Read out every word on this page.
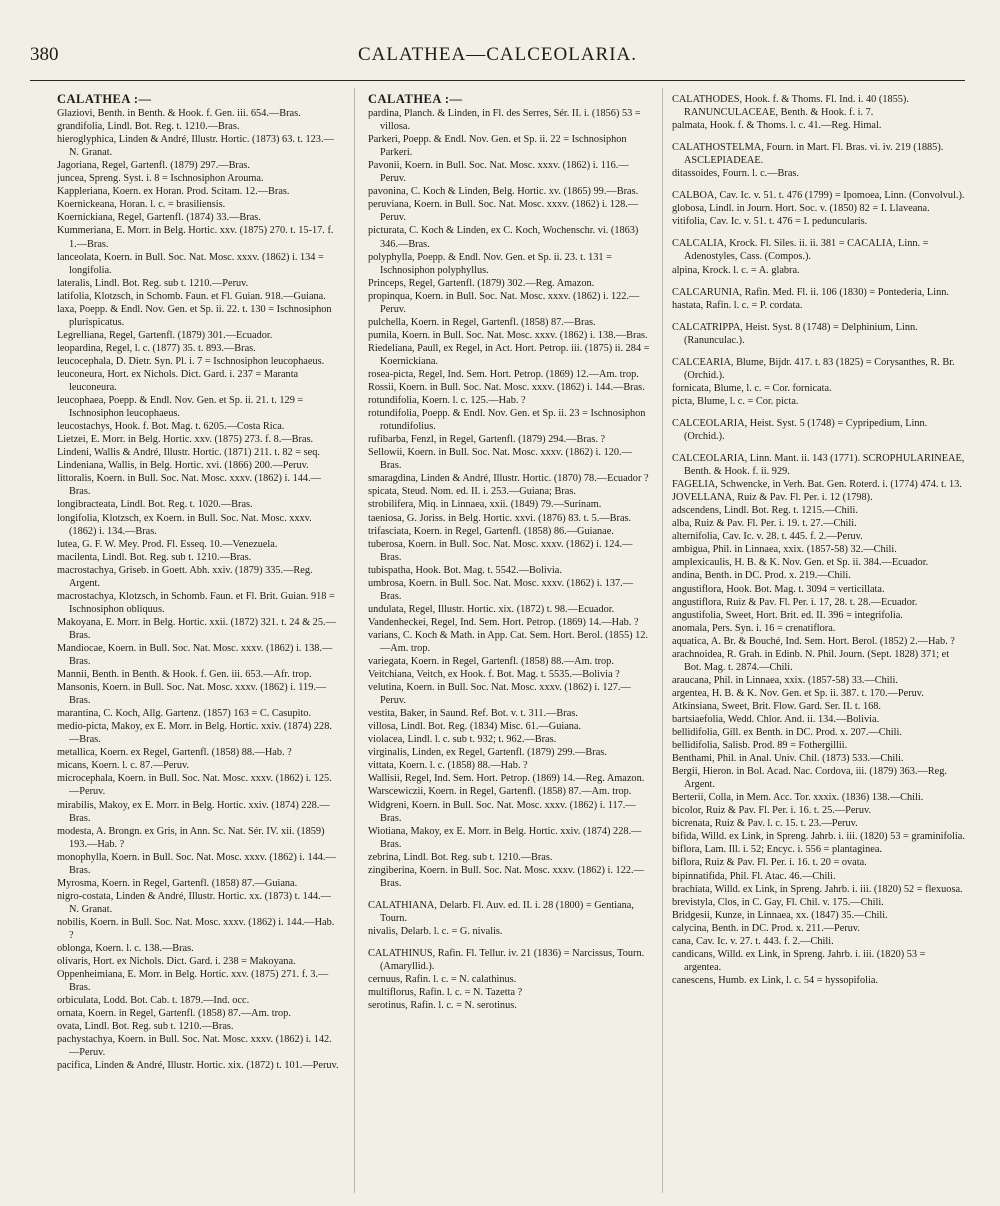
380	CALATHEA—CALCEOLARIA.

CALATHEA :—

Glaziovi, Benth. in Benth. & Hook. f. Gen. iii. 654.—Bras.

grandifolia, Lindl. Bot. Reg. t. 1210.—Bras.

hieroglyphica, Linden & André, Illustr. Hortic. (1873) 63. t. 123.—N. Granat.

Jagoriana, Regel, Gartenfl. (1879) 297.—Bras.

juncea, Spreng. Syst. i. 8 = Ischnosiphon Arouma.

Kappleriana, Koern. ex Horan. Prod. Scitam. 12.—Bras.

Koernickeana, Horan. l. c. = brasiliensis.

Koernickiana, Regel, Gartenfl. (1874) 33.—Bras.

Kummeriana, E. Morr. in Belg. Hortic. xxv. (1875) 270. t. 15-17. f. 1.—Bras.

lanceolata, Koern. in Bull. Soc. Nat. Mosc. xxxv. (1862) i. 134 = longifolia.

lateralis, Lindl. Bot. Reg. sub t. 1210.—Peruv.

latifolia, Klotzsch, in Schomb. Faun. et Fl. Guian. 918.—Guiana.

laxa, Poepp. & Endl. Nov. Gen. et Sp. ii. 22. t. 130 = Ischnosiphon plurispicatus.

Legrelliana, Regel, Gartenfl. (1879) 301.—Ecuador.

leopardina, Regel, l. c. (1877) 35. t. 893.—Bras.

leucocephala, D. Dietr. Syn. Pl. i. 7 = Ischnosiphon leucophaeus.

leuconeura, Hort. ex Nichols. Dict. Gard. i. 237 = Maranta leuconeura.

leucophaea, Poepp. & Endl. Nov. Gen. et Sp. ii. 21. t. 129 = Ischnosiphon leucophaeus.

leucostachys, Hook. f. Bot. Mag. t. 6205.—Costa Rica.

Lietzei, E. Morr. in Belg. Hortic. xxv. (1875) 273. f. 8.—Bras.

Lindeni, Wallis & André, Illustr. Hortic. (1871) 211. t. 82 = seq.

Lindeniana, Wallis, in Belg. Hortic. xvi. (1866) 200.—Peruv.

littoralis, Koern. in Bull. Soc. Nat. Mosc. xxxv. (1862) i. 144.—Bras.

longibracteata, Lindl. Bot. Reg. t. 1020.—Bras.

longifolia, Klotzsch, ex Koern. in Bull. Soc. Nat. Mosc. xxxv. (1862) i. 134.—Bras.

lutea, G. F. W. Mey. Prod. Fl. Esseq. 10.—Venezuela.

macilenta, Lindl. Bot. Reg. sub t. 1210.—Bras.

macrostachya, Griseb. in Goett. Abh. xxiv. (1879) 335.—Reg. Argent.

macrostachya, Klotzsch, in Schomb. Faun. et Fl. Brit. Guian. 918 = Ischnosiphon obliquus.

Makoyana, E. Morr. in Belg. Hortic. xxii. (1872) 321. t. 24 & 25.—Bras.

Mandiocae, Koern. in Bull. Soc. Nat. Mosc. xxxv. (1862) i. 138.—Bras.

Mannii, Benth. in Benth. & Hook. f. Gen. iii. 653.—Afr. trop.

Mansonis, Koern. in Bull. Soc. Nat. Mosc. xxxv. (1862) i. 119.—Bras.

marantina, C. Koch, Allg. Gartenz. (1857) 163 = C. Casupito.

medio-picta, Makoy, ex E. Morr. in Belg. Hortic. xxiv. (1874) 228.—Bras.

metallica, Koern. ex Regel, Gartenfl. (1858) 88.—Hab. ?

micans, Koern. l. c. 87.—Peruv.

microcephala, Koern. in Bull. Soc. Nat. Mosc. xxxv. (1862) i. 125.—Peruv.

mirabilis, Makoy, ex E. Morr. in Belg. Hortic. xxiv. (1874) 228.—Bras.

modesta, A. Brongn. ex Gris, in Ann. Sc. Nat. Sér. IV. xii. (1859) 193.—Hab. ?

monophylla, Koern. in Bull. Soc. Nat. Mosc. xxxv. (1862) i. 144.—Bras.

Myrosma, Koern. in Regel, Gartenfl. (1858) 87.—Guiana.

nigro-costata, Linden & André, Illustr. Hortic. xx. (1873) t. 144.—N. Granat.

nobilis, Koern. in Bull. Soc. Nat. Mosc. xxxv. (1862) i. 144.—Hab. ?

oblonga, Koern. l. c. 138.—Bras.

olivaris, Hort. ex Nichols. Dict. Gard. i. 238 = Makoyana.

Oppenheimiana, E. Morr. in Belg. Hortic. xxv. (1875) 271. f. 3.—Bras.

orbiculata, Lodd. Bot. Cab. t. 1879.—Ind. occ.

ornata, Koern. in Regel, Gartenfl. (1858) 87.—Am. trop.

ovata, Lindl. Bot. Reg. sub t. 1210.—Bras.

pachystachya, Koern. in Bull. Soc. Nat. Mosc. xxxv. (1862) i. 142.—Peruv.

pacifica, Linden & André, Illustr. Hortic. xix. (1872) t. 101.—Peruv.

CALATHEA :—

pardina, Planch. & Linden, in Fl. des Serres, Sér. II. i. (1856) 53 = villosa.

Parkeri, Poepp. & Endl. Nov. Gen. et Sp. ii. 22 = Ischnosiphon Parkeri.

Pavonii, Koern. in Bull. Soc. Nat. Mosc. xxxv. (1862) i. 116.—Peruv.

pavonina, C. Koch & Linden, Belg. Hortic. xv. (1865) 99.—Bras.

peruviana, Koern. in Bull. Soc. Nat. Mosc. xxxv. (1862) i. 128.—Peruv.

picturata, C. Koch & Linden, ex C. Koch, Wochenschr. vi. (1863) 346.—Bras.

polyphylla, Poepp. & Endl. Nov. Gen. et Sp. ii. 23. t. 131 = Ischnosiphon polyphyllus.

Princeps, Regel, Gartenfl. (1879) 302.—Reg. Amazon.

propinqua, Koern. in Bull. Soc. Nat. Mosc. xxxv. (1862) i. 122.—Peruv.

pulchella, Koern. in Regel, Gartenfl. (1858) 87.—Bras.

pumila, Koern. in Bull. Soc. Nat. Mosc. xxxv. (1862) i. 138.—Bras.

Riedeliana, Paull, ex Regel, in Act. Hort. Petrop. iii. (1875) ii. 284 = Koernickiana.

rosea-picta, Regel, Ind. Sem. Hort. Petrop. (1869) 12.—Am. trop.

Rossii, Koern. in Bull. Soc. Nat. Mosc. xxxv. (1862) i. 144.—Bras.

rotundifolia, Koern. l. c. 125.—Hab. ?

rotundifolia, Poepp. & Endl. Nov. Gen. et Sp. ii. 23 = Ischnosiphon rotundifolius.

rufibarba, Fenzl, in Regel, Gartenfl. (1879) 294.—Bras. ?

Sellowii, Koern. in Bull. Soc. Nat. Mosc. xxxv. (1862) i. 120.—Bras.

smaragdina, Linden & André, Illustr. Hortic. (1870) 78.—Ecuador ?

spicata, Steud. Nom. ed. II. i. 253.—Guiana; Bras.

strobilifera, Miq. in Linnaea, xxii. (1849) 79.—Surinam.

taeniosa, G. Joriss. in Belg. Hortic. xxvi. (1876) 83. t. 5.—Bras.

trifasciata, Koern. in Regel, Gartenfl. (1858) 86.—Guianae.

tuberosa, Koern. in Bull. Soc. Nat. Mosc. xxxv. (1862) i. 124.—Bras.

tubispatha, Hook. Bot. Mag. t. 5542.—Bolivia.

umbrosa, Koern. in Bull. Soc. Nat. Mosc. xxxv. (1862) i. 137.—Bras.

undulata, Regel, Illustr. Hortic. xix. (1872) t. 98.—Ecuador.

Vandenheckei, Regel, Ind. Sem. Hort. Petrop. (1869) 14.—Hab. ?

varians, C. Koch & Math. in App. Cat. Sem. Hort. Berol. (1855) 12.—Am. trop.

variegata, Koern. in Regel, Gartenfl. (1858) 88.—Am. trop.

Veitchiana, Veitch, ex Hook. f. Bot. Mag. t. 5535.—Bolivia ?

velutina, Koern. in Bull. Soc. Nat. Mosc. xxxv. (1862) i. 127.—Peruv.

vestita, Baker, in Saund. Ref. Bot. v. t. 311.—Bras.

villosa, Lindl. Bot. Reg. (1834) Misc. 61.—Guiana.

violacea, Lindl. l. c. sub t. 932; t. 962.—Bras.

virginalis, Linden, ex Regel, Gartenfl. (1879) 299.—Bras.

vittata, Koern. l. c. (1858) 88.—Hab. ?

Wallisii, Regel, Ind. Sem. Hort. Petrop. (1869) 14.—Reg. Amazon.

Warscewiczii, Koern. in Regel, Gartenfl. (1858) 87.—Am. trop.

Widgreni, Koern. in Bull. Soc. Nat. Mosc. xxxv. (1862) i. 117.—Bras.

Wiotiana, Makoy, ex E. Morr. in Belg. Hortic. xxiv. (1874) 228.—Bras.

zebrina, Lindl. Bot. Reg. sub t. 1210.—Bras.

zingiberina, Koern. in Bull. Soc. Nat. Mosc. xxxv. (1862) i. 122.—Bras.

CALATHIANA, Delarb. Fl. Auv. ed. II. i. 28 (1800) = Gentiana, Tourn.

nivalis, Delarb. l. c. = G. nivalis.

CALATHINUS, Rafin. Fl. Tellur. iv. 21 (1836) = Narcissus, Tourn. (Amaryllid.).

cernuus, Rafin. l. c. = N. calathinus.

multiflorus, Rafin. l. c. = N. Tazetta ?

serotinus, Rafin. l. c. = N. serotinus.

CALATHODES, Hook. f. & Thoms. Fl. Ind. i. 40 (1855). RANUNCULACEAE, Benth. & Hook. f. i. 7.

palmata, Hook. f. & Thoms. l. c. 41.—Reg. Himal.

CALATHOSTELMA, Fourn. in Mart. Fl. Bras. vi. iv. 219 (1885). ASCLEPIADEAE.

ditassoides, Fourn. l. c.—Bras.

CALBOA, Cav. Ic. v. 51. t. 476 (1799) = Ipomoea, Linn. (Convolvul.).

globosa, Lindl. in Journ. Hort. Soc. v. (1850) 82 = I. Llaveana.

vitifolia, Cav. Ic. v. 51. t. 476 = I. peduncularis.

CALCALIA, Krock. Fl. Siles. ii. ii. 381 = CACALIA, Linn. = Adenostyles, Cass. (Compos.).

alpina, Krock. l. c. = A. glabra.

CALCARUNIA, Rafin. Med. Fl. ii. 106 (1830) = Pontederia, Linn.

hastata, Rafin. l. c. = P. cordata.

CALCATRIPPA, Heist. Syst. 8 (1748) = Delphinium, Linn. (Ranunculac.).

CALCEARIA, Blume, Bijdr. 417. t. 83 (1825) = Corysanthes, R. Br. (Orchid.).

fornicata, Blume, l. c. = Cor. fornicata.

picta, Blume, l. c. = Cor. picta.

CALCEOLARIA, Heist. Syst. 5 (1748) = Cypripedium, Linn. (Orchid.).

CALCEOLARIA, Linn. Mant. ii. 143 (1771). SCROPHULARINEAE, Benth. & Hook. f. ii. 929.

FAGELIA, Schwencke, in Verh. Bat. Gen. Roterd. i. (1774) 474. t. 13.

JOVELLANA, Ruiz & Pav. Fl. Per. i. 12 (1798).

adscendens, Lindl. Bot. Reg. t. 1215.—Chili.

alba, Ruiz & Pav. Fl. Per. i. 19. t. 27.—Chili.

alternifolia, Cav. Ic. v. 28. t. 445. f. 2.—Peruv.

ambigua, Phil. in Linnaea, xxix. (1857-58) 32.—Chili.

amplexicaulis, H. B. & K. Nov. Gen. et Sp. ii. 384.—Ecuador.

andina, Benth. in DC. Prod. x. 219.—Chili.

angustiflora, Hook. Bot. Mag. t. 3094 = verticillata.

angustiflora, Ruiz & Pav. Fl. Per. i. 17, 28. t. 28.—Ecuador.

angustifolia, Sweet, Hort. Brit. ed. II. 396 = integrifolia.

anomala, Pers. Syn. i. 16 = crenatiflora.

aquatica, A. Br. & Bouché, Ind. Sem. Hort. Berol. (1852) 2.—Hab. ?

arachnoidea, R. Grah. in Edinb. N. Phil. Journ. (Sept. 1828) 371; et Bot. Mag. t. 2874.—Chili.

araucana, Phil. in Linnaea, xxix. (1857-58) 33.—Chili.

argentea, H. B. & K. Nov. Gen. et Sp. ii. 387. t. 170.—Peruv.

Atkinsiana, Sweet, Brit. Flow. Gard. Ser. II. t. 168.

bartsiaefolia, Wedd. Chlor. And. ii. 134.—Bolivia.

bellidifolia, Gill. ex Benth. in DC. Prod. x. 207.—Chili.

bellidifolia, Salisb. Prod. 89 = Fothergillii.

Benthami, Phil. in Anal. Univ. Chil. (1873) 533.—Chili.

Bergii, Hieron. in Bol. Acad. Nac. Cordova, iii. (1879) 363.—Reg. Argent.

Berterii, Colla, in Mem. Acc. Tor. xxxix. (1836) 138.—Chili.

bicolor, Ruiz & Pav. Fl. Per. i. 16. t. 25.—Peruv.

bicrenata, Ruiz & Pav. l. c. 15. t. 23.—Peruv.

bifida, Willd. ex Link, in Spreng. Jahrb. i. iii. (1820) 53 = graminifolia.

biflora, Lam. Ill. i. 52; Encyc. i. 556 = plantaginea.

biflora, Ruiz & Pav. Fl. Per. i. 16. t. 20 = ovata.

bipinnatifida, Phil. Fl. Atac. 46.—Chili.

brachiata, Willd. ex Link, in Spreng. Jahrb. i. iii. (1820) 52 = flexuosa.

brevistyla, Clos, in C. Gay, Fl. Chil. v. 175.—Chili.

Bridgesii, Kunze, in Linnaea, xx. (1847) 35.—Chili.

calycina, Benth. in DC. Prod. x. 211.—Peruv.

cana, Cav. Ic. v. 27. t. 443. f. 2.—Chili.

candicans, Willd. ex Link, in Spreng. Jahrb. i. iii. (1820) 53 = argentea.

canescens, Humb. ex Link, l. c. 54 = hyssopifolia.
